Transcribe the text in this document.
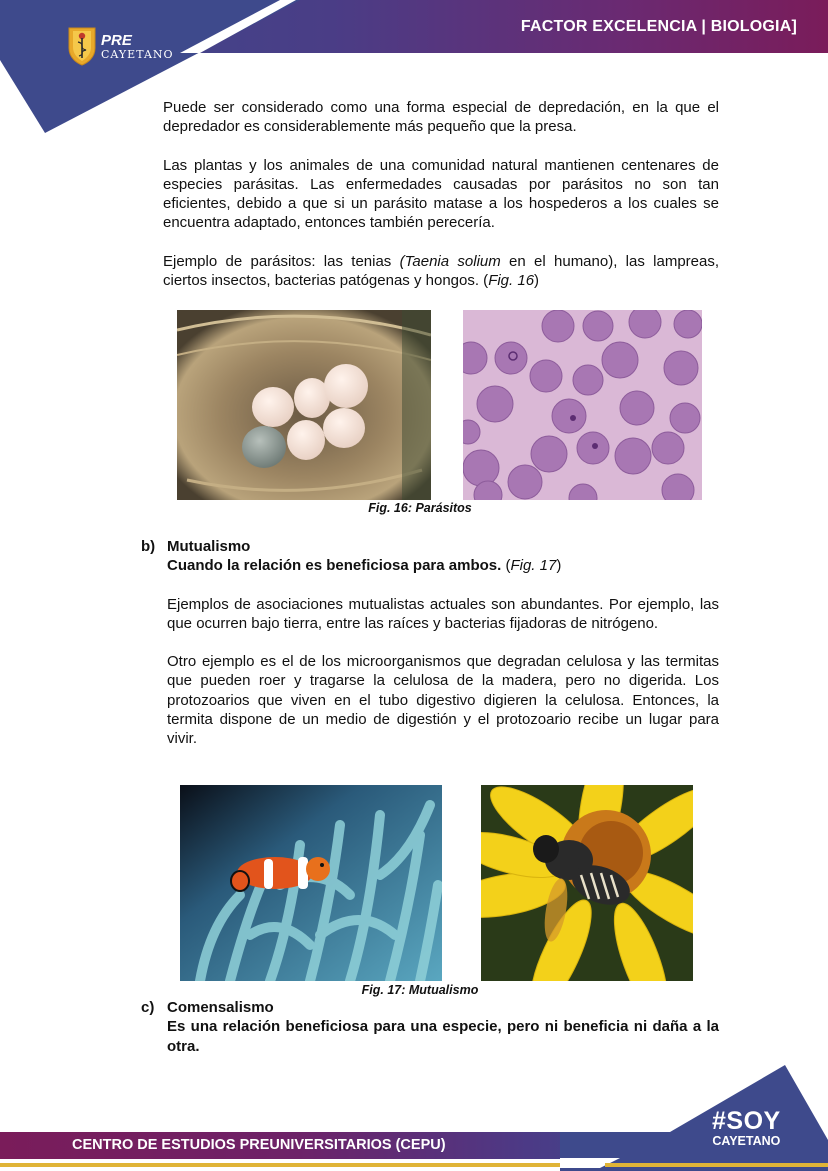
FACTOR EXCELENCIA | BIOLOGIA]
PRE
CAYETANO

Puede ser considerado como una forma especial de depredación, en la que el depredador es considerablemente más pequeño que la presa.

Las plantas y los animales de una comunidad natural mantienen centenares de especies parásitas. Las enfermedades causadas por parásitos no son tan eficientes, debido a que si un parásito matase a los hospederos a los cuales se encuentra adaptado, entonces también perecería.

Ejemplo de parásitos: las tenias (Taenia solium en el humano), las lampreas, ciertos insectos, bacterias patógenas y hongos. (Fig. 16)

Fig. 16: Parásitos
b) Mutualismo
Cuando la relación es beneficiosa para ambos. (Fig. 17)

Ejemplos de asociaciones mutualistas actuales son abundantes. Por ejemplo, las que ocurren bajo tierra, entre las raíces y bacterias fijadoras de nitrógeno.

Otro ejemplo es el de los microorganismos que degradan celulosa y las termitas que pueden roer y tragarse la celulosa de la madera, pero no digerida. Los protozoarios que viven en el tubo digestivo digieren la celulosa. Entonces, la termita dispone de un medio de digestión y el protozoario recibe un lugar para vivir.

Fig. 17: Mutualismo
c) Comensalismo

Es una relación beneficiosa para una especie, pero ni beneficia ni daña a la otra.

CENTRO DE ESTUDIOS PREUNIVERSITARIOS (CEPU)
#SOY
CAYETANO
